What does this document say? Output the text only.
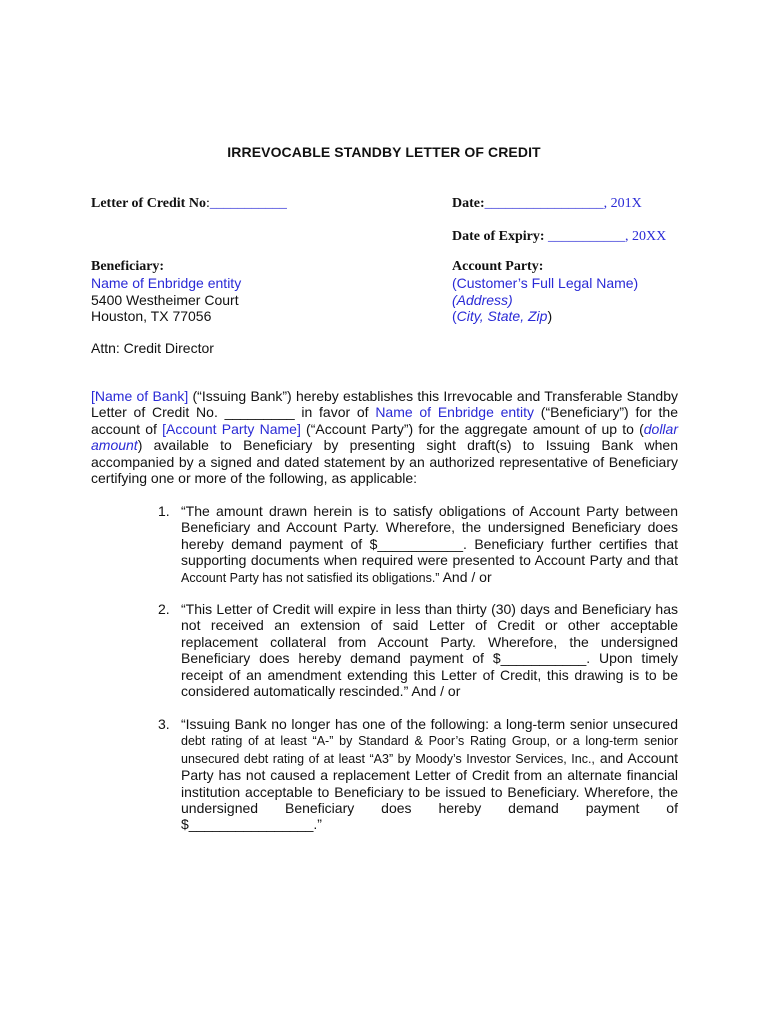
IRREVOCABLE STANDBY LETTER OF CREDIT
Letter of Credit No:___________	Date:_________________, 201X
Date of Expiry: ___________, 20XX
Beneficiary:
Name of Enbridge entity
5400 Westheimer Court
Houston, TX 77056
Account Party:
(Customer’s Full Legal Name)
(Address)
(City, State, Zip)
Attn: Credit Director
[Name of Bank] (“Issuing Bank”) hereby establishes this Irrevocable and Transferable Standby Letter of Credit No. _________ in favor of Name of Enbridge entity (“Beneficiary”) for the account of [Account Party Name] (“Account Party”) for the aggregate amount of up to (dollar amount) available to Beneficiary by presenting sight draft(s) to Issuing Bank when accompanied by a signed and dated statement by an authorized representative of Beneficiary certifying one or more of the following, as applicable:
1. “The amount drawn herein is to satisfy obligations of Account Party between Beneficiary and Account Party. Wherefore, the undersigned Beneficiary does hereby demand payment of $___________. Beneficiary further certifies that supporting documents when required were presented to Account Party and that Account Party has not satisfied its obligations.” And / or
2. “This Letter of Credit will expire in less than thirty (30) days and Beneficiary has not received an extension of said Letter of Credit or other acceptable replacement collateral from Account Party. Wherefore, the undersigned Beneficiary does hereby demand payment of $___________. Upon timely receipt of an amendment extending this Letter of Credit, this drawing is to be considered automatically rescinded.” And / or
3. “Issuing Bank no longer has one of the following: a long-term senior unsecured debt rating of at least “A-” by Standard & Poor’s Rating Group, or a long-term senior unsecured debt rating of at least “A3” by Moody’s Investor Services, Inc., and Account Party has not caused a replacement Letter of Credit from an alternate financial institution acceptable to Beneficiary to be issued to Beneficiary. Wherefore, the undersigned Beneficiary does hereby demand payment of $________________.”
